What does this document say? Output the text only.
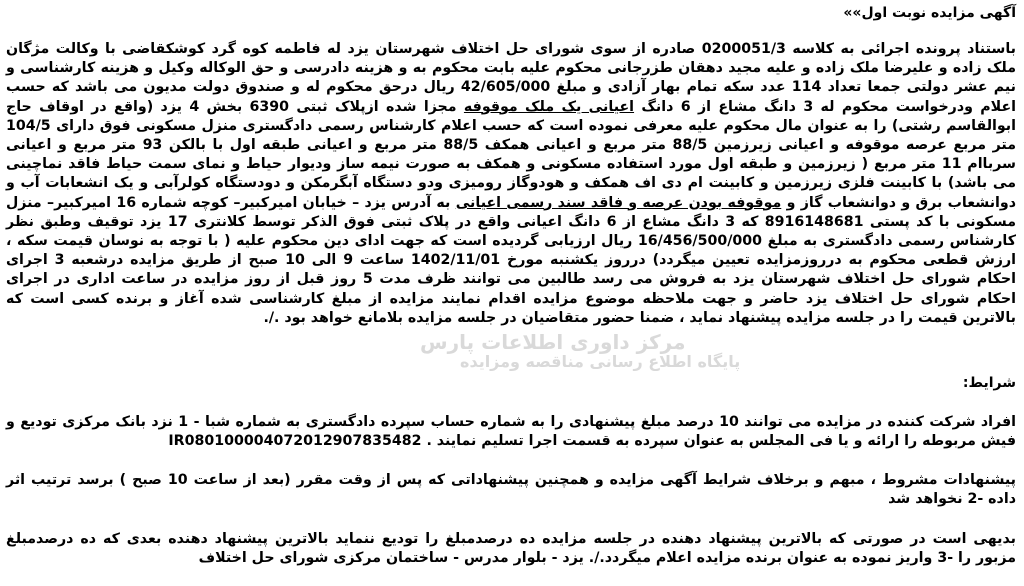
آگهی مزایده نوبت اول»»
باستناد پرونده اجرائی به کلاسه 0200051/3 صادره از سوی شورای حل اختلاف شهرستان یزد له فاطمه کوه گرد کوشکقاضی با وکالت مژگان ملک زاده و علیرضا ملک زاده و علیه مجید دهقان طزرجانی محکوم علیه بابت محکوم به و هزینه دادرسی و حق الوکاله وکیل و هزینه کارشناسی و نیم عشر دولتی جمعا تعداد 114 عدد سکه تمام بهار آزادی و مبلغ 42/605/000 ریال درحق محکوم له و صندوق دولت مدیون می باشد که حسب اعلام ودرخواست محکوم له 3 دانگ مشاع از 6 دانگ اعیانی یک ملک موقوفه مجزا شده ازپلاک ثبتی 6390 بخش 4 یزد (واقع در اوقاف حاج ابوالقاسم رشتی) را به عنوان مال محکوم علیه معرفی نموده است که حسب اعلام کارشناس رسمی دادگستری منزل مسکونی فوق دارای 104/5 متر مربع عرصه موقوفه و اعیانی زیرزمین 88/5 متر مربع و اعیانی همکف 88/5 متر مربع و اعیانی طبقه اول با بالکن 93 متر مربع و اعیانی سرباام 11 متر مربع ( زیرزمین و طبقه اول مورد استفاده مسکونی و همکف به صورت نیمه ساز ودیوار حیاط و نمای سمت حیاط فاقد نماچینی می باشد) با کابینت فلزی زیرزمین و کابینت ام دی اف همکف و هودوگاز رومیزی ودو دستگاه آبگرمکن و دودستگاه کولرآبی و یک انشعابات آب و دوانشعاب برق و دوانشعاب گاز و موقوفه بودن عرصه و فاقد سند رسمی اعیانی به آدرس یزد – خیابان امیرکبیر– کوچه شماره 16 امیرکبیر– منزل مسکونی با کد پستی 8916148681 که 3 دانگ مشاع از 6 دانگ اعیانی واقع در پلاک ثبتی فوق الذکر توسط کلانتری 17 یزد توقیف وطبق نظر کارشناس رسمی دادگستری به مبلغ 16/456/500/000 ریال ارزیابی گردیده است که جهت ادای دین محکوم علیه ( با توجه به نوسان قیمت سکه ، ارزش قطعی محکوم به درروزمزایده تعیین میگردد) درروز یکشنبه مورخ 1402/11/01 ساعت 9 الی 10 صبح از طریق مزایده درشعبه 3 اجرای احکام شورای حل اختلاف شهرستان یزد به فروش می رسد طالبین می توانند ظرف مدت 5 روز قبل از روز مزایده در ساعت اداری در اجرای احکام شورای حل اختلاف یزد حاضر و جهت ملاحظه موضوع مزایده اقدام نمایند مزایده از مبلغ کارشناسی شده آغاز و برنده کسی است که بالاترین قیمت را در جلسه مزایده پیشنهاد نماید ، ضمنا حضور متقاضیان در جلسه مزایده بلامانع خواهد بود ./.
شرایط:
افراد شرکت کننده در مزایده می توانند 10 درصد مبلغ پیشنهادی را به شماره حساب سپرده دادگستری به شماره شبا - 1 نزد بانک مرکزی تودیع و فیش مربوطه را ارائه و یا فی المجلس به عنوان سپرده به قسمت اجرا تسلیم نمایند . IR080100004072012907835482
پیشنهادات مشروط ، مبهم و برخلاف شرایط آگهی مزایده و همچنین پیشنهاداتی که پس از وقت مقرر (بعد از ساعت 10 صبح ) برسد ترتیب اثر داده -2 نخواهد شد
بدیهی است در صورتی که بالاترین پیشنهاد دهنده در جلسه مزایده ده درصدمبلغ را تودیع ننماید بالاترین پیشنهاد دهنده بعدی که ده درصدمبلغ مزبور را -3 واریز نموده به عنوان برنده مزایده اعلام میگردد./. یزد - بلوار مدرس - ساختمان مرکزی شورای حل اختلاف
مرکز داوری اطلاعات پارس
پایگاه اطلاع رسانی مناقصه ومزایده
